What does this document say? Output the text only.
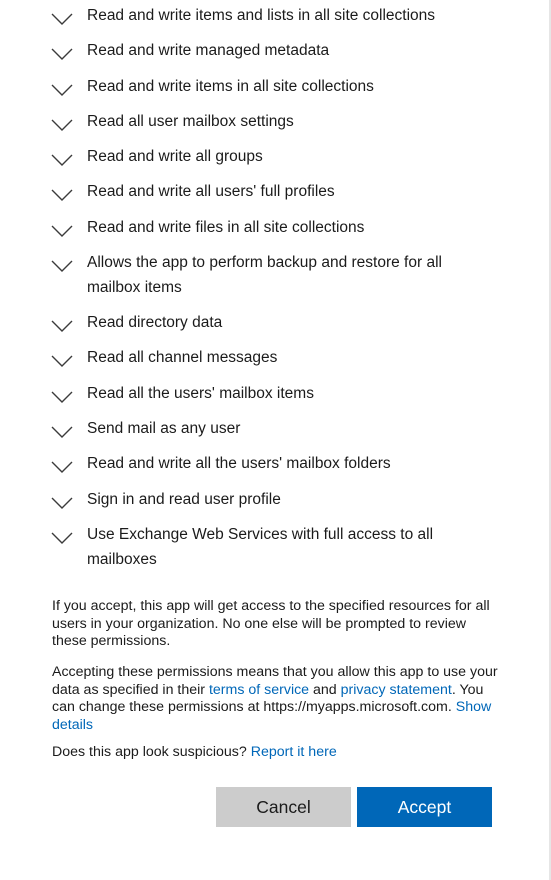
Read and write items and lists in all site collections
Read and write managed metadata
Read and write items in all site collections
Read all user mailbox settings
Read and write all groups
Read and write all users' full profiles
Read and write files in all site collections
Allows the app to perform backup and restore for all mailbox items
Read directory data
Read all channel messages
Read all the users' mailbox items
Send mail as any user
Read and write all the users' mailbox folders
Sign in and read user profile
Use Exchange Web Services with full access to all mailboxes
If you accept, this app will get access to the specified resources for all users in your organization. No one else will be prompted to review these permissions.
Accepting these permissions means that you allow this app to use your data as specified in their terms of service and privacy statement. You can change these permissions at https://myapps.microsoft.com. Show details
Does this app look suspicious? Report it here
Cancel	Accept
